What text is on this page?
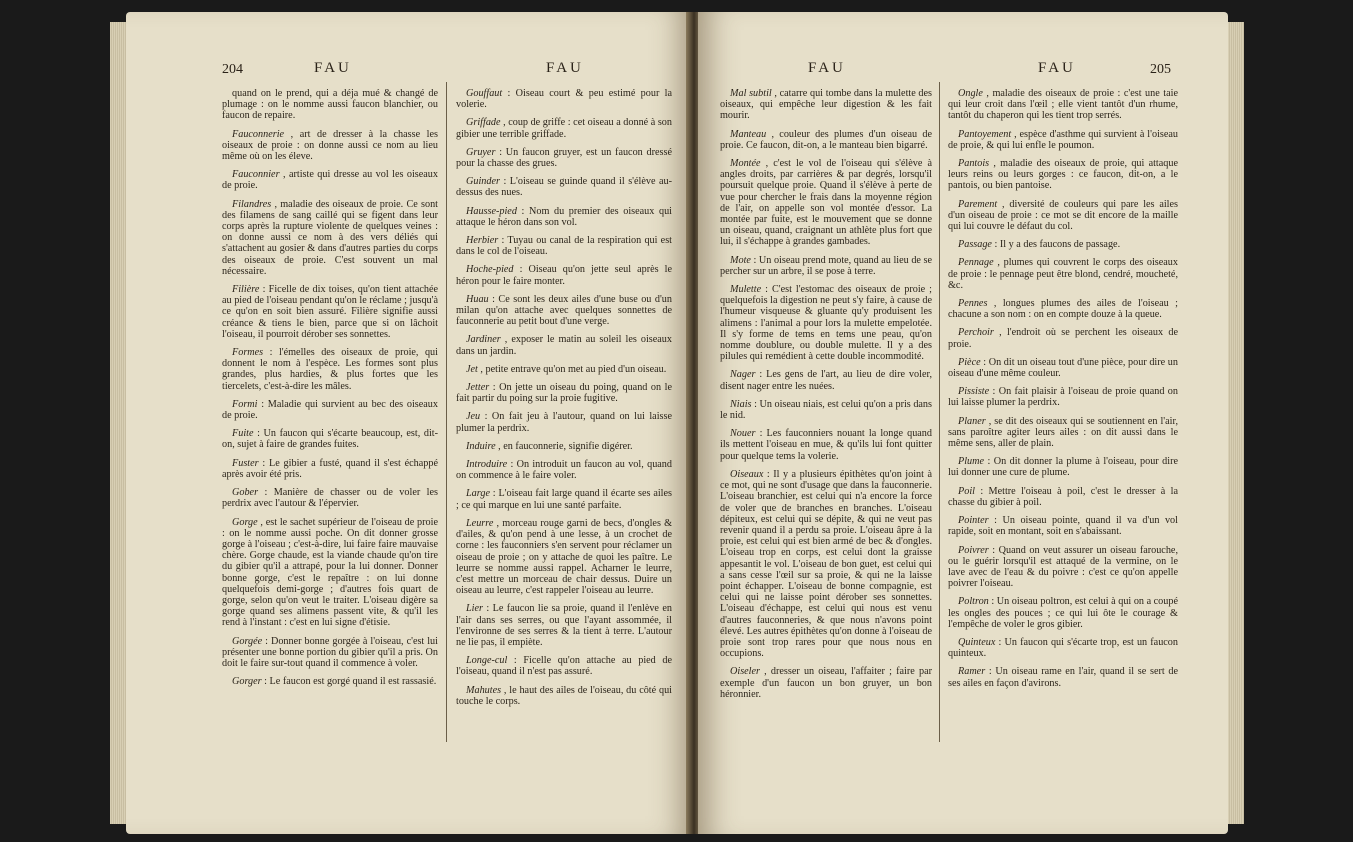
204	FAU	FAU

quand on le prend, qui a déja mué & changé de plumage : on le nomme aussi faucon blanchier, ou faucon de repaire.

Fauconnerie , art de dresser à la chasse les oiseaux de proie : on donne aussi ce nom au lieu même où on les éleve.

Fauconnier , artiste qui dresse au vol les oiseaux de proie.

Filandres , maladie des oiseaux de proie. Ce sont des filamens de sang caillé qui se figent dans leur corps après la rupture violente de quelques veines : on donne aussi ce nom à des vers déliés qui s'attachent au gosier & dans d'autres parties du corps des oiseaux de proie. C'est souvent un mal nécessaire.

Filière : Ficelle de dix toises, qu'on tient attachée au pied de l'oiseau pendant qu'on le réclame ; jusqu'à ce qu'on en soit bien assuré. Filière signifie aussi créance & tiens le bien, parce que si on lâchoit l'oiseau, il pourroit dérober ses sonnettes.

Formes : l'émelles des oiseaux de proie, qui donnent le nom à l'espèce. Les formes sont plus grandes, plus hardies, & plus fortes que les tiercelets, c'est-à-dire les mâles.

Formi : Maladie qui survient au bec des oiseaux de proie.

Fuite : Un faucon qui s'écarte beaucoup, est, dit-on, sujet à faire de grandes fuites.

Fuster : Le gibier a fusté, quand il s'est échappé après avoir été pris.

Gober : Manière de chasser ou de voler les perdrix avec l'autour & l'épervier.

Gorge , est le sachet supérieur de l'oiseau de proie : on le nomme aussi poche. On dit donner grosse gorge à l'oiseau ; c'est-à-dire, lui faire faire mauvaise chère. Gorge chaude, est la viande chaude qu'on tire du gibier qu'il a attrapé, pour la lui donner. Donner bonne gorge, c'est le repaître : on lui donne quelquefois demi-gorge ; d'autres fois quart de gorge, selon qu'on veut le traiter. L'oiseau digère sa gorge quand ses alimens passent vite, & qu'il les rend à l'instant : c'est en lui signe d'étisie.

Gorgée : Donner bonne gorgée à l'oiseau, c'est lui présenter une bonne portion du gibier qu'il a pris. On doit le faire sur-tout quand il commence à voler.

Gorger : Le faucon est gorgé quand il est rassasié.

Gouffaut : Oiseau court & peu estimé pour la volerie.

Griffade , coup de griffe : cet oiseau a donné à son gibier une terrible griffade.

Gruyer : Un faucon gruyer, est un faucon dressé pour la chasse des grues.

Guinder : L'oiseau se guinde quand il s'élève au-dessus des nues.

Hausse-pied : Nom du premier des oiseaux qui attaque le héron dans son vol.

Herbier : Tuyau ou canal de la respiration qui est dans le col de l'oiseau.

Hoche-pied : Oiseau qu'on jette seul après le héron pour le faire monter.

Huau : Ce sont les deux ailes d'une buse ou d'un milan qu'on attache avec quelques sonnettes de fauconnerie au petit bout d'une verge.

Jardiner , exposer le matin au soleil les oiseaux dans un jardin.

Jet , petite entrave qu'on met au pied d'un oiseau.

Jetter : On jette un oiseau du poing, quand on le fait partir du poing sur la proie fugitive.

Jeu : On fait jeu à l'autour, quand on lui laisse plumer la perdrix.

Induire , en fauconnerie, signifie digérer.

Introduire : On introduit un faucon au vol, quand on commence à le faire voler.

Large : L'oiseau fait large quand il écarte ses ailes ; ce qui marque en lui une santé parfaite.

Leurre , morceau rouge garni de becs, d'ongles & d'ailes, & qu'on pend à une lesse, à un crochet de corne : les fauconniers s'en servent pour réclamer un oiseau de proie ; on y attache de quoi les paître. Le leurre se nomme aussi rappel. Acharner le leurre, c'est mettre un morceau de chair dessus. Duire un oiseau au leurre, c'est rappeler l'oiseau au leurre.

Lier : Le faucon lie sa proie, quand il l'enlève en l'air dans ses serres, ou que l'ayant assommée, il l'environne de ses serres & la tient à terre. L'autour ne lie pas, il empiète.

Longe-cul : Ficelle qu'on attache au pied de l'oiseau, quand il n'est pas assuré.

Mahutes , le haut des ailes de l'oiseau, du côté qui touche le corps.

FAU	FAU	205

Mal subtil , catarre qui tombe dans la mulette des oiseaux, qui empêche leur digestion & les fait mourir.

Manteau , couleur des plumes d'un oiseau de proie. Ce faucon, dit-on, a le manteau bien bigarré.

Montée , c'est le vol de l'oiseau qui s'élève à angles droits, par carrières & par degrés, lorsqu'il poursuit quelque proie. Quand il s'élève à perte de vue pour chercher le frais dans la moyenne région de l'air, on appelle son vol montée d'essor. La montée par fuite, est le mouvement que se donne un oiseau, quand, craignant un athlète plus fort que lui, il s'échappe à grandes gambades.

Mote : Un oiseau prend mote, quand au lieu de se percher sur un arbre, il se pose à terre.

Mulette : C'est l'estomac des oiseaux de proie ; quelquefois la digestion ne peut s'y faire, à cause de l'humeur visqueuse & gluante qu'y produisent les alimens : l'animal a pour lors la mulette empelotée. Il s'y forme de tems en tems une peau, qu'on nomme doublure, ou double mulette. Il y a des pilules qui remédient à cette double incommodité.

Nager : Les gens de l'art, au lieu de dire voler, disent nager entre les nuées.

Niais : Un oiseau niais, est celui qu'on a pris dans le nid.

Nouer : Les fauconniers nouant la longe quand ils mettent l'oiseau en mue, & qu'ils lui font quitter pour quelque tems la volerie.

Oiseaux : Il y a plusieurs épithètes qu'on joint à ce mot, qui ne sont d'usage que dans la fauconnerie. L'oiseau branchier, est celui qui n'a encore la force de voler que de branches en branches. L'oiseau dépiteux, est celui qui se dépite, & qui ne veut pas revenir quand il a perdu sa proie. L'oiseau âpre à la proie, est celui qui est bien armé de bec & d'ongles. L'oiseau trop en corps, est celui dont la graisse appesantit le vol. L'oiseau de bon guet, est celui qui a sans cesse l'œil sur sa proie, & qui ne la laisse point échapper. L'oiseau de bonne compagnie, est celui qui ne laisse point dérober ses sonnettes. L'oiseau d'échappe, est celui qui nous est venu d'autres fauconneries, & que nous n'avons point élevé. Les autres épithètes qu'on donne à l'oiseau de proie sont trop rares pour que nous nous en occupions.

Oiseler , dresser un oiseau, l'affaiter ; faire par exemple d'un faucon un bon gruyer, un bon héronnier.

Ongle , maladie des oiseaux de proie : c'est une taie qui leur croit dans l'œil ; elle vient tantôt d'un rhume, tantôt du chaperon qui les tient trop serrés.

Pantoyement , espèce d'asthme qui survient à l'oiseau de proie, & qui lui enfle le poumon.

Pantois , maladie des oiseaux de proie, qui attaque leurs reins ou leurs gorges : ce faucon, dit-on, a le pantois, ou bien pantoise.

Parement , diversité de couleurs qui pare les ailes d'un oiseau de proie : ce mot se dit encore de la maille qui lui couvre le défaut du col.

Passage : Il y a des faucons de passage.

Pennage , plumes qui couvrent le corps des oiseaux de proie : le pennage peut être blond, cendré, moucheté, &c.

Pennes , longues plumes des ailes de l'oiseau ; chacune a son nom : on en compte douze à la queue.

Perchoir , l'endroit où se perchent les oiseaux de proie.

Pièce : On dit un oiseau tout d'une pièce, pour dire un oiseau d'une même couleur.

Pissiste : On fait plaisir à l'oiseau de proie quand on lui laisse plumer la perdrix.

Planer , se dit des oiseaux qui se soutiennent en l'air, sans paroître agiter leurs ailes : on dit aussi dans le même sens, aller de plain.

Plume : On dit donner la plume à l'oiseau, pour dire lui donner une cure de plume.

Poil : Mettre l'oiseau à poil, c'est le dresser à la chasse du gibier à poil.

Pointer : Un oiseau pointe, quand il va d'un vol rapide, soit en montant, soit en s'abaissant.

Poivrer : Quand on veut assurer un oiseau farouche, ou le guérir lorsqu'il est attaqué de la vermine, on le lave avec de l'eau & du poivre : c'est ce qu'on appelle poivrer l'oiseau.

Poltron : Un oiseau poltron, est celui à qui on a coupé les ongles des pouces ; ce qui lui ôte le courage & l'empêche de voler le gros gibier.

Quinteux : Un faucon qui s'écarte trop, est un faucon quinteux.

Ramer : Un oiseau rame en l'air, quand il se sert de ses ailes en façon d'avirons.
